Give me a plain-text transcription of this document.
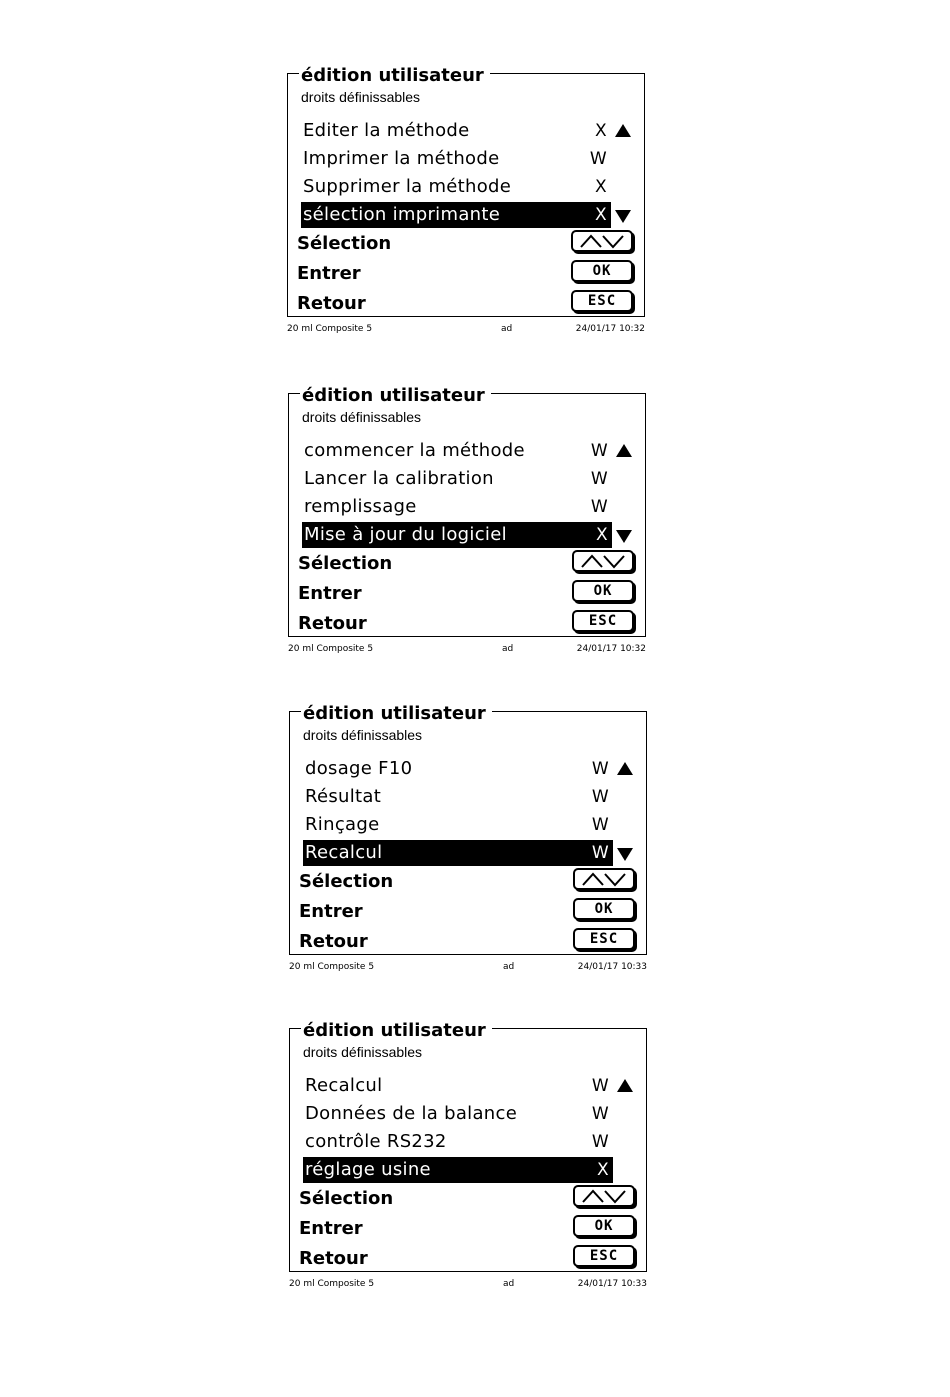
édition utilisateur
droits définissables
Editer la méthode	X
Imprimer la méthode	W
Supprimer la méthode	X
sélection imprimante	X
Sélection
Entrer	OK
Retour	ESC
20 ml Composite 5	ad	24/01/17 10:32
édition utilisateur
droits définissables
commencer la méthode	W
Lancer la calibration	W
remplissage	W
Mise à jour du logiciel	X
Sélection
Entrer	OK
Retour	ESC
20 ml Composite 5	ad	24/01/17 10:32
édition utilisateur
droits définissables
dosage F10	W
Résultat	W
Rinçage	W
Recalcul	W
Sélection
Entrer	OK
Retour	ESC
20 ml Composite 5	ad	24/01/17 10:33
édition utilisateur
droits définissables
Recalcul	W
Données de la balance	W
contrôle RS232	W
réglage usine	X
Sélection
Entrer	OK
Retour	ESC
20 ml Composite 5	ad	24/01/17 10:33
